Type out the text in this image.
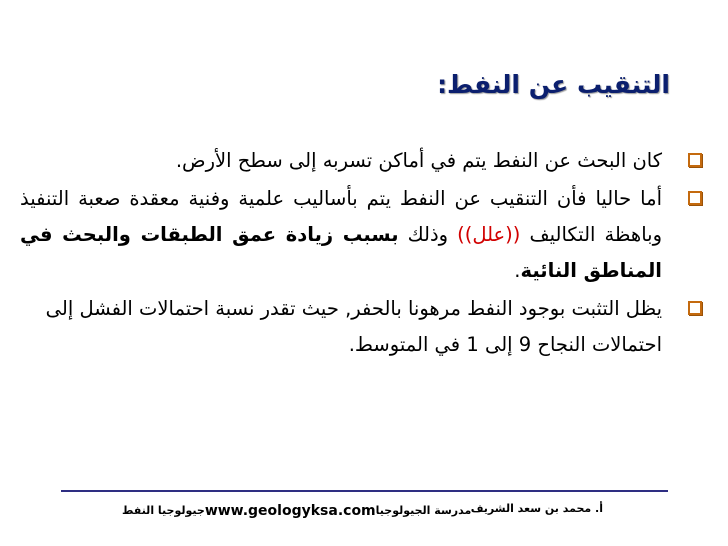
التنقيب عن النفط:
كان البحث عن النفط يتم في أماكن تسربه إلى سطح الأرض.
أما حاليا فأن التنقيب عن النفط يتم بأساليب علمية وفنية معقدة صعبة التنفيذ وباهظة التكاليف ((علل)) وذلك بسبب زيادة عمق الطبقات والبحث في المناطق النائية.
يظل التثبت بوجود النفط مرهونا بالحفر, حيث تقدر نسبة احتمالات الفشل إلى احتمالات النجاح 9 إلى 1 في المتوسط.
جيولوجيا النفطwww.geologyksa.comمدرسة الجيولوجيا أ. محمد بن سعد الشريف
